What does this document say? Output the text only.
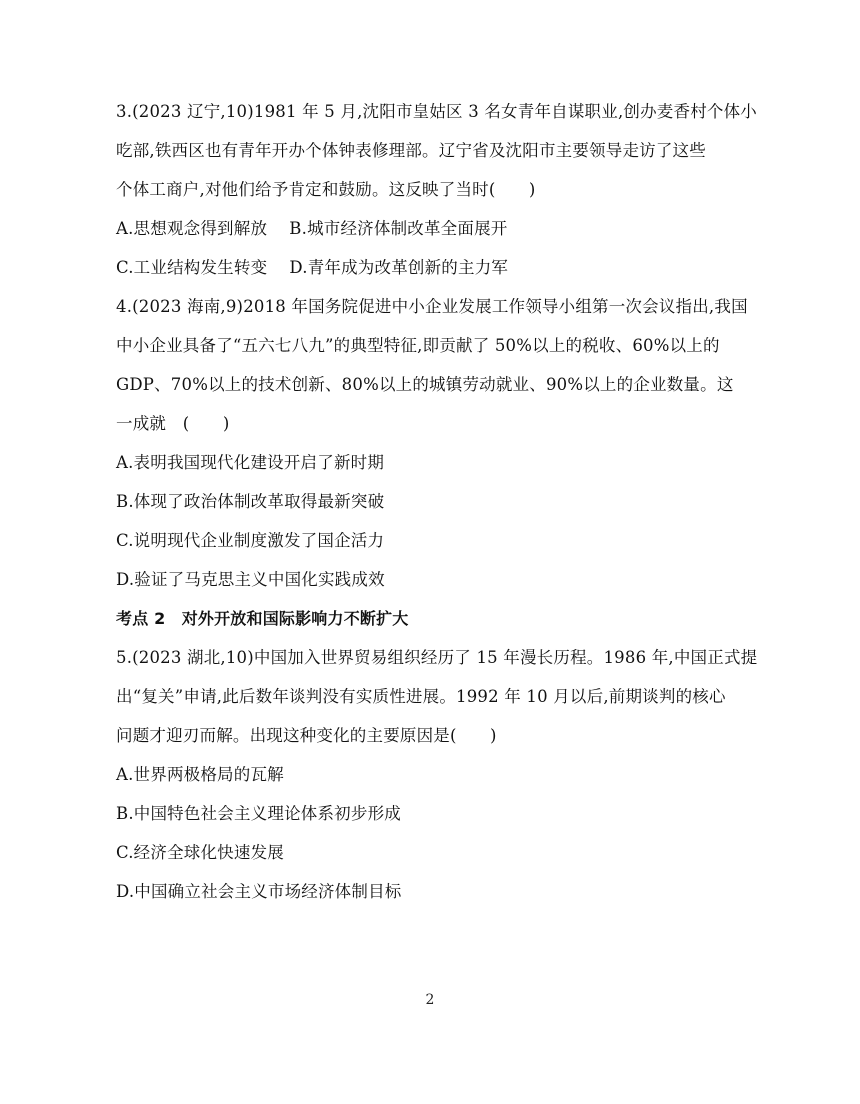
3.(2023 辽宁,10)1981 年 5 月,沈阳市皇姑区 3 名女青年自谋职业,创办麦香村个体小
吃部,铁西区也有青年开办个体钟表修理部。辽宁省及沈阳市主要领导走访了这些
个体工商户,对他们给予肯定和鼓励。这反映了当时(　　)
A.思想观念得到解放　 B.城市经济体制改革全面展开
C.工业结构发生转变　 D.青年成为改革创新的主力军
4.(2023 海南,9)2018 年国务院促进中小企业发展工作领导小组第一次会议指出,我国
中小企业具备了“五六七八九”的典型特征,即贡献了 50%以上的税收、60%以上的
GDP、70%以上的技术创新、80%以上的城镇劳动就业、90%以上的企业数量。这
一成就　(　　)
A.表明我国现代化建设开启了新时期
B.体现了政治体制改革取得最新突破
C.说明现代企业制度激发了国企活力
D.验证了马克思主义中国化实践成效
考点 2　对外开放和国际影响力不断扩大
5.(2023 湖北,10)中国加入世界贸易组织经历了 15 年漫长历程。1986 年,中国正式提
出“复关”申请,此后数年谈判没有实质性进展。1992 年 10 月以后,前期谈判的核心
问题才迎刃而解。出现这种变化的主要原因是(　　)
A.世界两极格局的瓦解
B.中国特色社会主义理论体系初步形成
C.经济全球化快速发展
D.中国确立社会主义市场经济体制目标
2
